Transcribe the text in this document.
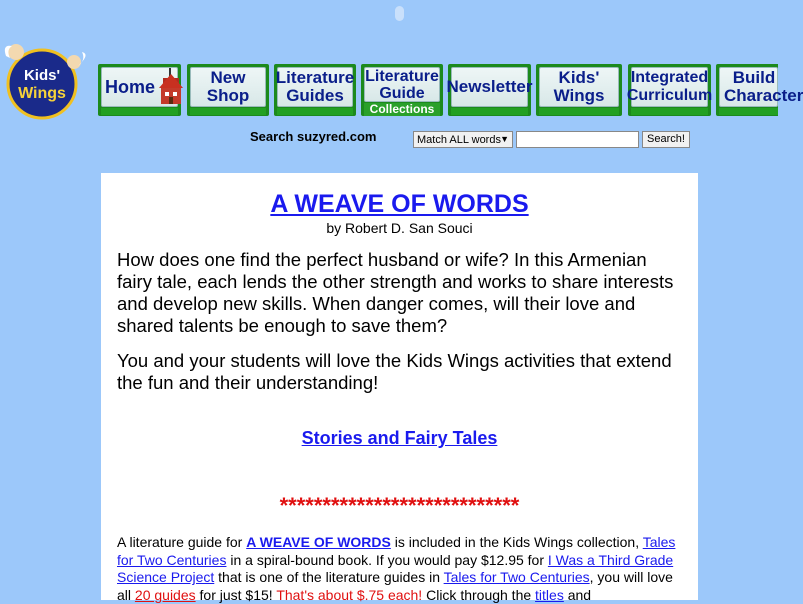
Kids'
Wings Home	New
Shop
Literature
Guides
Literature
Guide
Collections
Newsletter	Kids' Wings
Integrated
Curriculum
Build
Character
Search suzyred.com	Match ALL words ▼	Search!
A WEAVE OF WORDS
by Robert D. San Souci
How does one find the perfect husband or wife? In this Armenian fairy tale, each lends the other strength and works to share interests and develop new skills. When danger comes, will their love and shared talents be enough to save them?
You and your students will love the Kids Wings activities that extend the fun and their understanding!
Stories and Fairy Tales
****************************
A literature guide for A WEAVE OF WORDS is included in the Kids Wings collection, Tales for Two Centuries in a spiral-bound book. If you would pay $12.95 for I Was a Third Grade Science Project that is one of the literature guides in Tales for Two Centuries, you will love all 20 guides for just $15! That's about $.75 each! Click through the titles and
